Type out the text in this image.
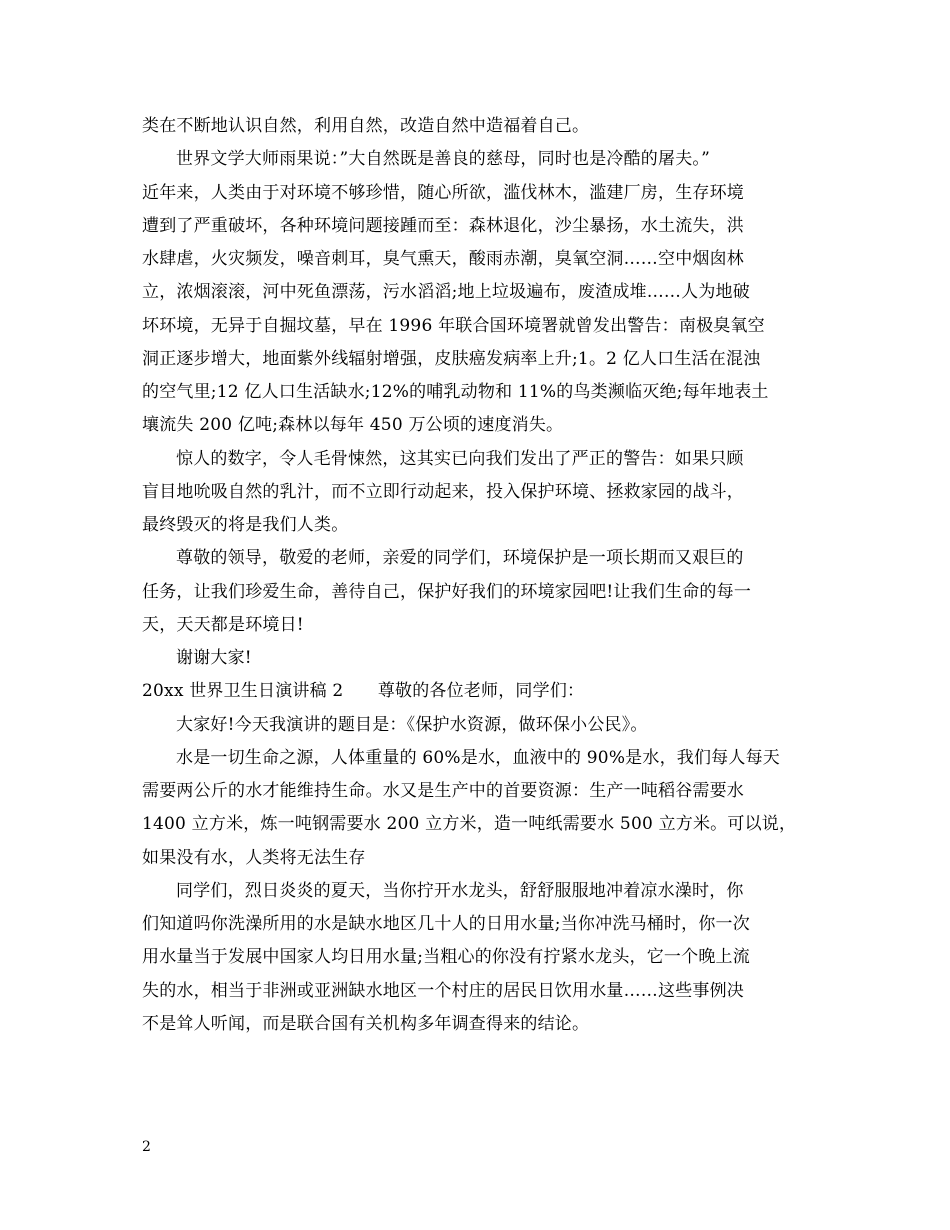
类在不断地认识自然，利用自然，改造自然中造福着自己。
世界文学大师雨果说：”大自然既是善良的慈母，同时也是冷酷的屠夫。”
近年来，人类由于对环境不够珍惜，随心所欲，滥伐林木，滥建厂房，生存环境
遭到了严重破坏，各种环境问题接踵而至：森林退化，沙尘暴扬，水土流失，洪
水肆虐，火灾频发，噪音刺耳，臭气熏天，酸雨赤潮，臭氧空洞……空中烟囱林
立，浓烟滚滚，河中死鱼漂荡，污水滔滔;地上垃圾遍布，废渣成堆……人为地破
坏环境，无异于自掘坟墓，早在 1996 年联合国环境署就曾发出警告：南极臭氧空
洞正逐步增大，地面紫外线辐射增强，皮肤癌发病率上升;1。2 亿人口生活在混浊
的空气里;12 亿人口生活缺水;12%的哺乳动物和 11%的鸟类濒临灭绝;每年地表土
壤流失 200 亿吨;森林以每年 450 万公顷的速度消失。
惊人的数字，令人毛骨悚然，这其实已向我们发出了严正的警告：如果只顾
盲目地吮吸自然的乳汁，而不立即行动起来，投入保护环境、拯救家园的战斗，
最终毁灭的将是我们人类。
尊敬的领导，敬爱的老师，亲爱的同学们，环境保护是一项长期而又艰巨的
任务，让我们珍爱生命，善待自己，保护好我们的环境家园吧!让我们生命的每一
天，天天都是环境日!
谢谢大家!
20xx 世界卫生日演讲稿 2　　尊敬的各位老师，同学们：
大家好!今天我演讲的题目是：《保护水资源，做环保小公民》。
水是一切生命之源，人体重量的 60%是水，血液中的 90%是水，我们每人每天
需要两公斤的水才能维持生命。水又是生产中的首要资源：生产一吨稻谷需要水
1400 立方米，炼一吨钢需要水 200 立方米，造一吨纸需要水 500 立方米。可以说，
如果没有水，人类将无法生存
同学们，烈日炎炎的夏天，当你拧开水龙头，舒舒服服地冲着凉水澡时，你
们知道吗你洗澡所用的水是缺水地区几十人的日用水量;当你冲洗马桶时，你一次
用水量当于发展中国家人均日用水量;当粗心的你没有拧紧水龙头，它一个晚上流
失的水，相当于非洲或亚洲缺水地区一个村庄的居民日饮用水量……这些事例决
不是耸人听闻，而是联合国有关机构多年调查得来的结论。
2
